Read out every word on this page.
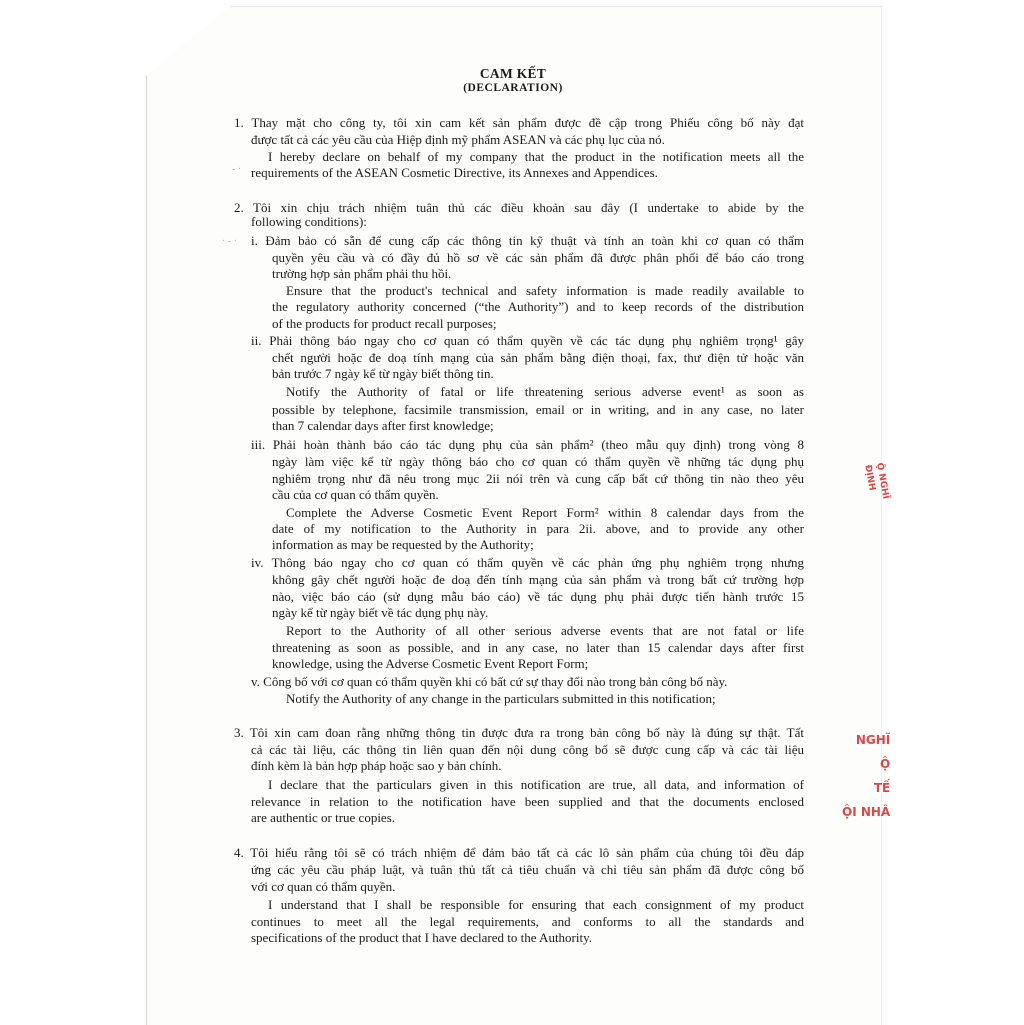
CAM KẾT
(DECLARATION)
1. Thay mặt cho công ty, tôi xin cam kết sản phẩm được đề cập trong Phiếu công bố này đạt
được tất cả các yêu cầu của Hiệp định mỹ phẩm ASEAN và các phụ lục của nó.
I hereby declare on behalf of my company that the product in the notification meets all the
requirements of the ASEAN Cosmetic Directive, its Annexes and Appendices.
2. Tôi xin chịu trách nhiệm tuân thủ các điều khoản sau đây (I undertake to abide by the
following conditions):
i. Đảm bảo có sẵn để cung cấp các thông tin kỹ thuật và tính an toàn khi cơ quan có thẩm
quyền yêu cầu và có đầy đủ hồ sơ về các sản phẩm đã được phân phối để báo cáo trong
trường hợp sản phẩm phải thu hồi.
Ensure that the product's technical and safety information is made readily available to
the regulatory authority concerned (“the Authority”) and to keep records of the distribution
of the products for product recall purposes;
ii. Phải thông báo ngay cho cơ quan có thẩm quyền về các tác dụng phụ nghiêm trọng¹ gây
chết người hoặc đe doạ tính mạng của sản phẩm bằng điện thoại, fax, thư điện tử hoặc văn
bản trước 7 ngày kể từ ngày biết thông tin.
Notify the Authority of fatal or life threatening serious adverse event¹ as soon as
possible by telephone, facsimile transmission, email or in writing, and in any case, no later
than 7 calendar days after first knowledge;
iii. Phải hoàn thành báo cáo tác dụng phụ của sản phẩm² (theo mẫu quy định) trong vòng 8
ngày làm việc kể từ ngày thông báo cho cơ quan có thẩm quyền về những tác dụng phụ
nghiêm trọng như đã nêu trong mục 2ii nói trên và cung cấp bất cứ thông tin nào theo yêu
cầu của cơ quan có thẩm quyền.
Complete the Adverse Cosmetic Event Report Form² within 8 calendar days from the
date of my notification to the Authority in para 2ii. above, and to provide any other
information as may be requested by the Authority;
iv. Thông báo ngay cho cơ quan có thẩm quyền về các phản ứng phụ nghiêm trọng nhưng
không gây chết người hoặc đe doạ đến tính mạng của sản phẩm và trong bất cứ trường hợp
nào, việc báo cáo (sử dụng mẫu báo cáo) về tác dụng phụ phải được tiến hành trước 15
ngày kể từ ngày biết về tác dụng phụ này.
Report to the Authority of all other serious adverse events that are not fatal or life
threatening as soon as possible, and in any case, no later than 15 calendar days after first
knowledge, using the Adverse Cosmetic Event Report Form;
v. Công bố với cơ quan có thẩm quyền khi có bất cứ sự thay đổi nào trong bản công bố này.
Notify the Authority of any change in the particulars submitted in this notification;
3. Tôi xin cam đoan rằng những thông tin được đưa ra trong bản công bố này là đúng sự thật. Tất
cả các tài liệu, các thông tin liên quan đến nội dung công bố sẽ được cung cấp và các tài liệu
đính kèm là bản hợp pháp hoặc sao y bản chính.
I declare that the particulars given in this notification are true, all data, and information of
relevance in relation to the notification have been supplied and that the documents enclosed
are authentic or true copies.
4. Tôi hiểu rằng tôi sẽ có trách nhiệm để đảm bảo tất cả các lô sản phẩm của chúng tôi đều đáp
ứng các yêu cầu pháp luật, và tuân thủ tất cả tiêu chuẩn và chỉ tiêu sản phẩm đã được công bố
với cơ quan có thẩm quyền.
I understand that I shall be responsible for ensuring that each consignment of my product
continues to meet all the legal requirements, and conforms to all the standards and
specifications of the product that I have declared to the Authority.
Ộ NGHĨ
ĐỊNH
NGHĨ
Ộ
TẾ
ỘI NHÂ
- ·
· - ·
